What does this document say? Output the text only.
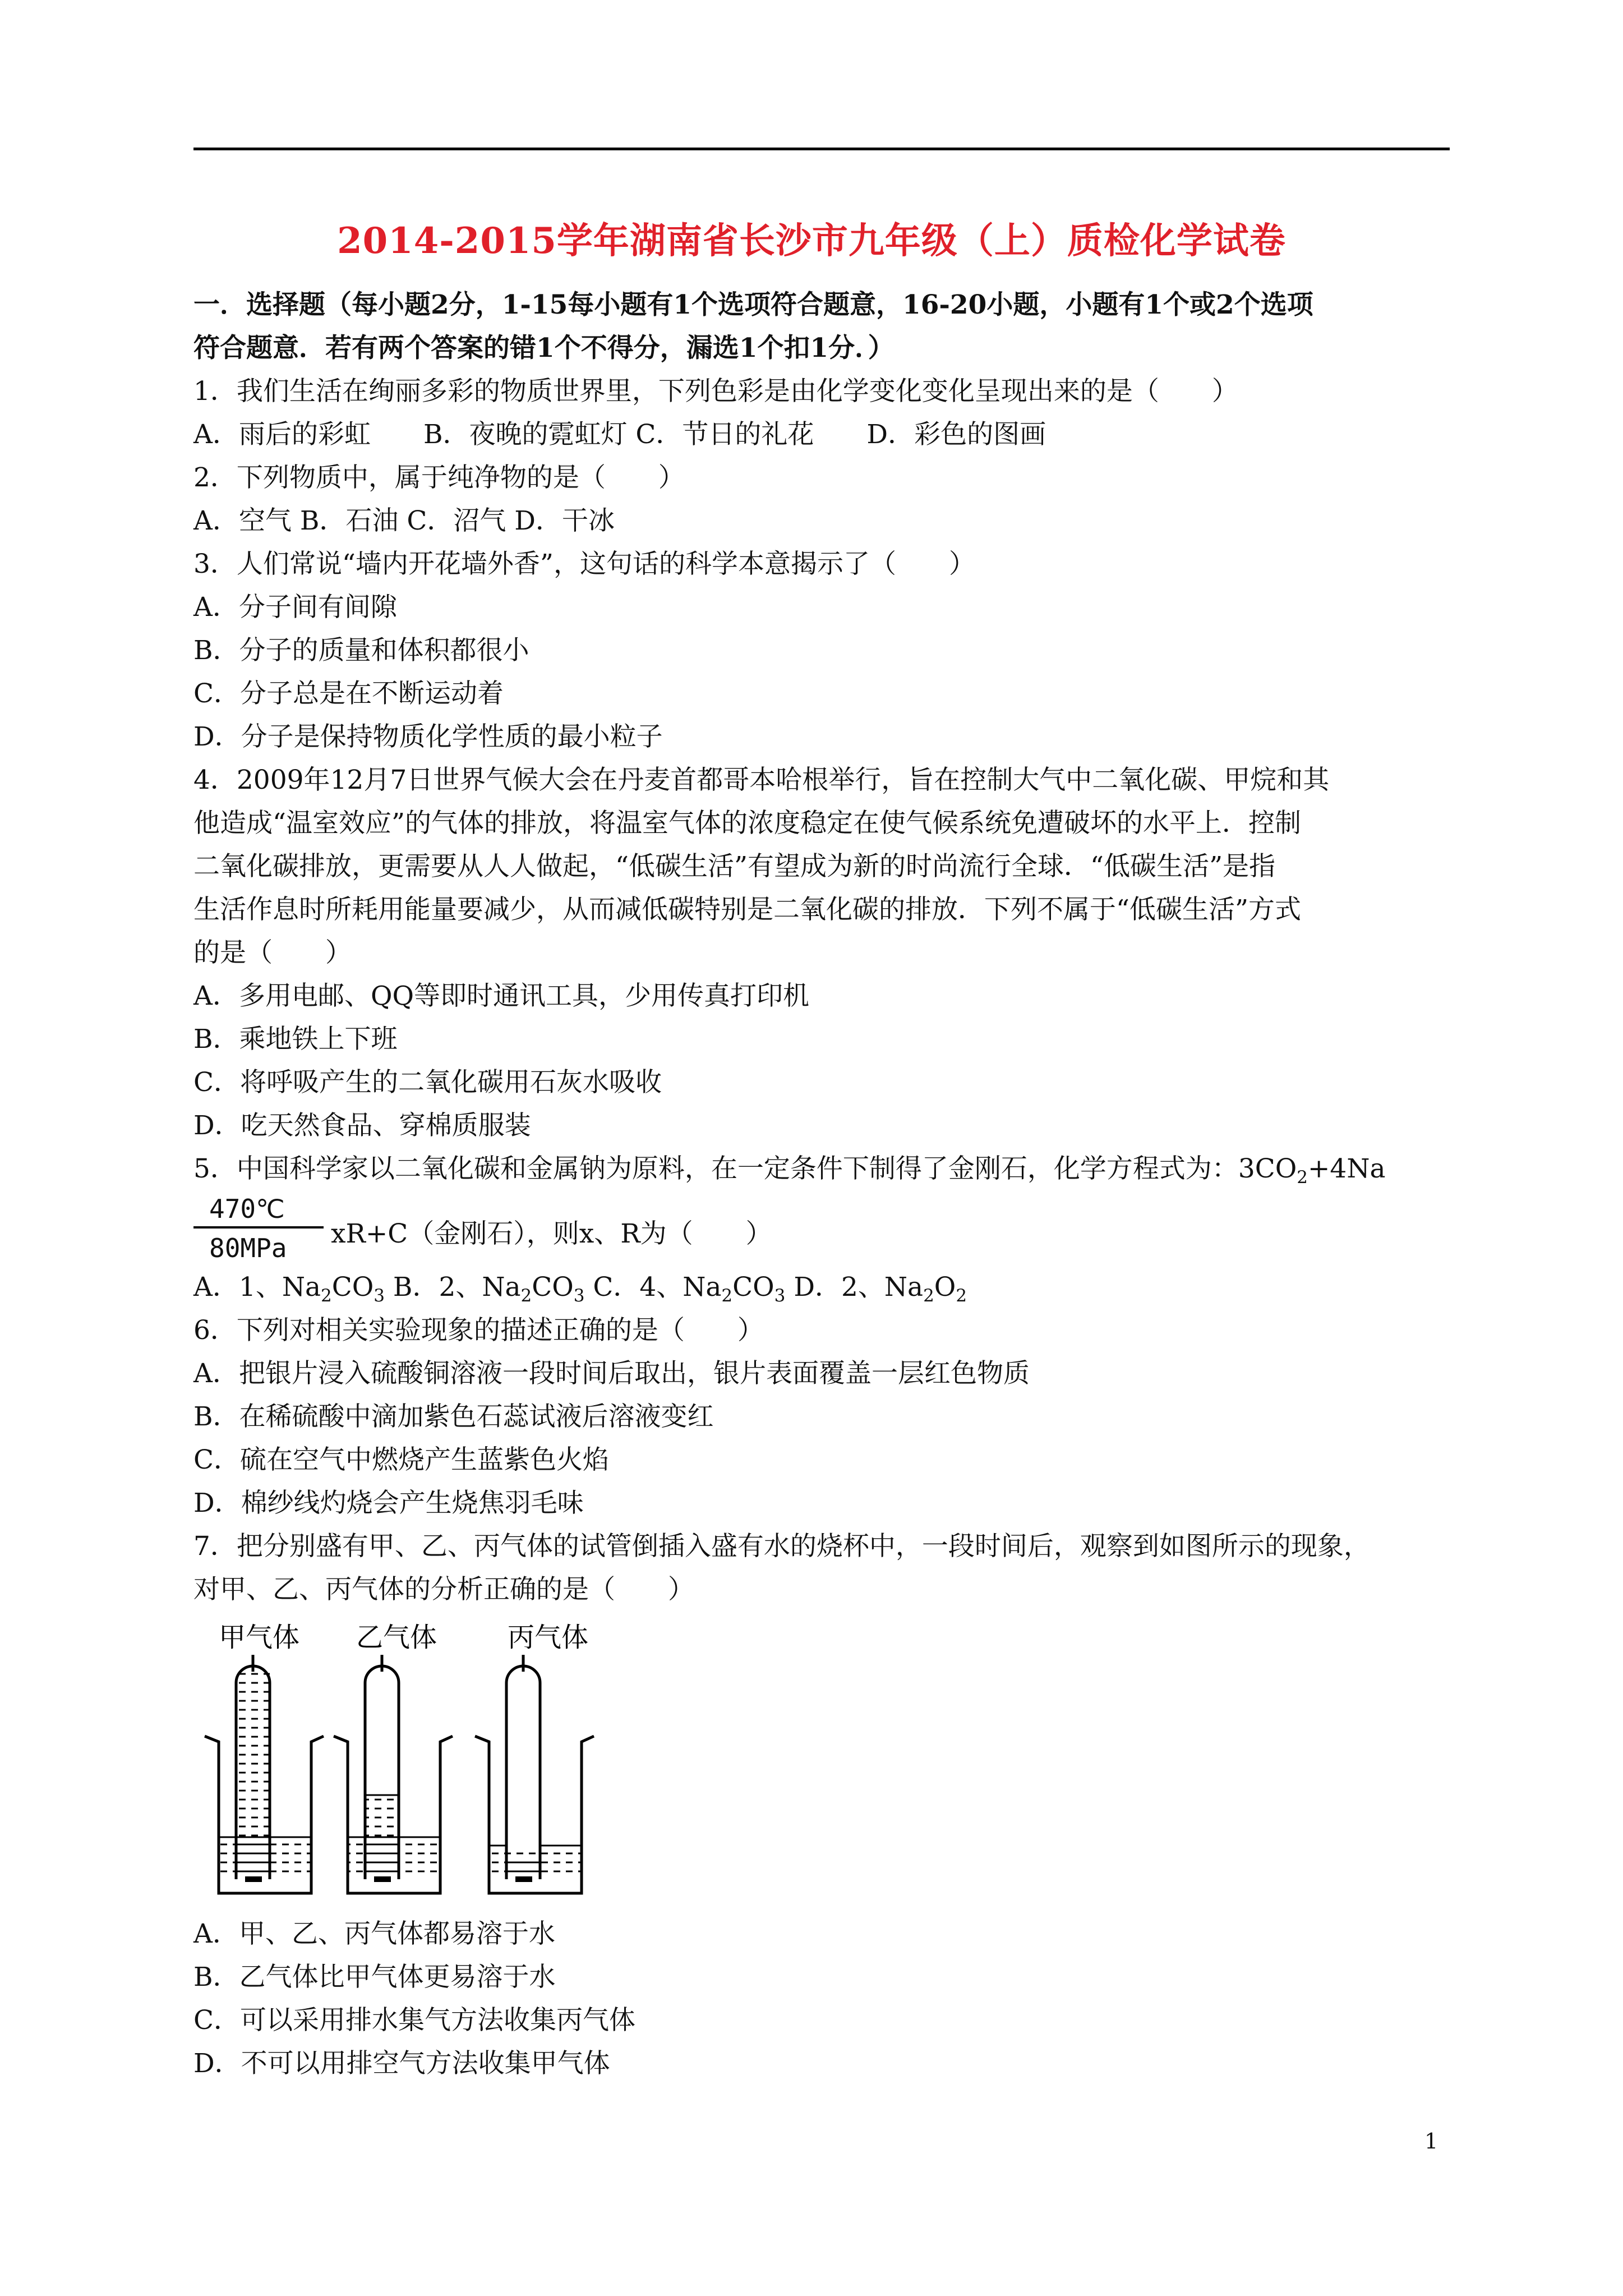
2014-2015学年湖南省长沙市九年级（上）质检化学试卷
一．选择题（每小题2分，1-15每小题有1个选项符合题意，16-20小题，小题有1个或2个选项
符合题意．若有两个答案的错1个不得分，漏选1个扣1分．）
1．我们生活在绚丽多彩的物质世界里，下列色彩是由化学变化变化呈现出来的是（　　）
A．雨后的彩虹　　B．夜晚的霓虹灯 C．节日的礼花　　D．彩色的图画
2．下列物质中，属于纯净物的是（　　）
A．空气 B．石油 C．沼气 D．干冰
3．人们常说“墙内开花墙外香”，这句话的科学本意揭示了（　　）
A．分子间有间隙
B．分子的质量和体积都很小
C．分子总是在不断运动着
D．分子是保持物质化学性质的最小粒子
4．2009年12月7日世界气候大会在丹麦首都哥本哈根举行，旨在控制大气中二氧化碳、甲烷和其
他造成“温室效应”的气体的排放，将温室气体的浓度稳定在使气候系统免遭破坏的水平上．控制
二氧化碳排放，更需要从人人做起，“低碳生活”有望成为新的时尚流行全球．“低碳生活”是指
生活作息时所耗用能量要减少，从而减低碳特别是二氧化碳的排放．下列不属于“低碳生活”方式
的是（　　）
A．多用电邮、QQ等即时通讯工具，少用传真打印机
B．乘地铁上下班
C．将呼吸产生的二氧化碳用石灰水吸收
D．吃天然食品、穿棉质服装
5．中国科学家以二氧化碳和金属钠为原料，在一定条件下制得了金刚石，化学方程式为：$3CO_2+4Na$
470℃
80MPa xR+C（金刚石），则x、R为（　　）
A．1、$Na_2CO_3$ B．2、$Na_2CO_3$ C．4、$Na_2CO_3$ D．2、$Na_2O_2$
6．下列对相关实验现象的描述正确的是（　　）
A．把银片浸入硫酸铜溶液一段时间后取出，银片表面覆盖一层红色物质
B．在稀硫酸中滴加紫色石蕊试液后溶液变红
C．硫在空气中燃烧产生蓝紫色火焰
D．棉纱线灼烧会产生烧焦羽毛味
7．把分别盛有甲、乙、丙气体的试管倒插入盛有水的烧杯中，一段时间后，观察到如图所示的现象，
对甲、乙、丙气体的分析正确的是（　　）
甲气体 乙气体	丙气体
A．甲、乙、丙气体都易溶于水
B．乙气体比甲气体更易溶于水
C．可以采用排水集气方法收集丙气体
D．不可以用排空气方法收集甲气体
1
